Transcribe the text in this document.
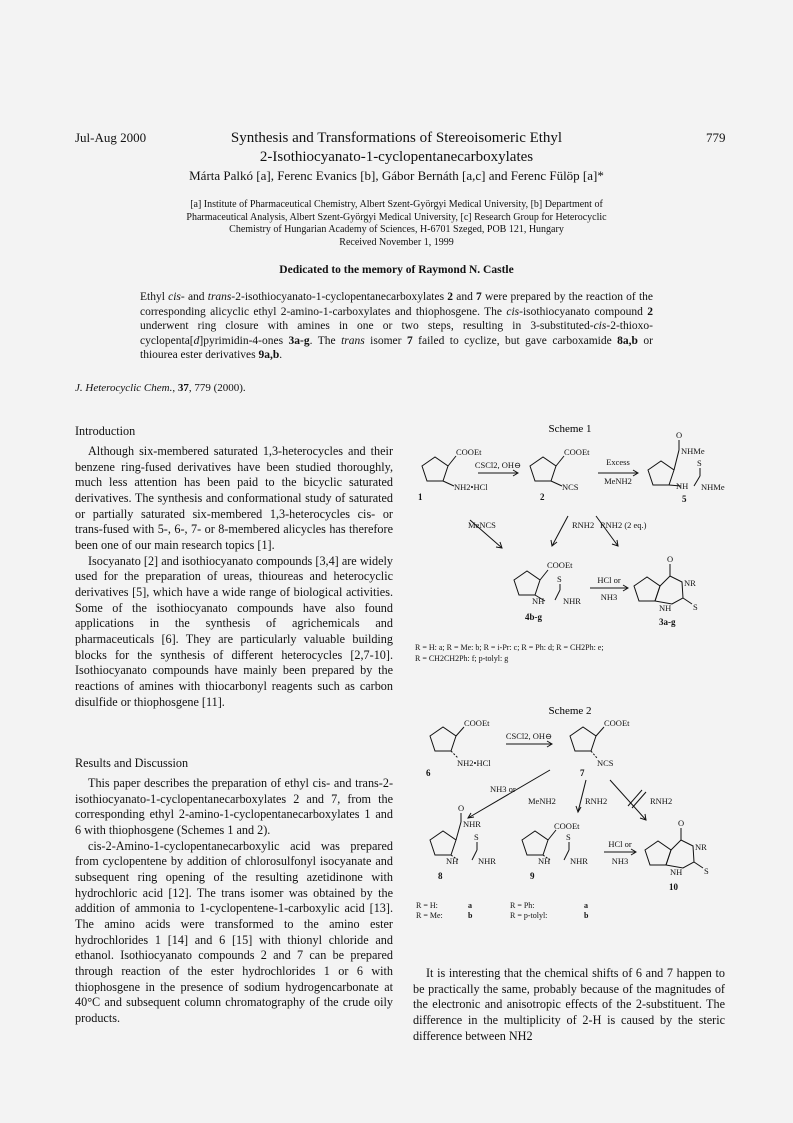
Jul-Aug 2000	779
Synthesis and Transformations of Stereoisomeric Ethyl
2-Isothiocyanato-1-cyclopentanecarboxylates
Márta Palkó [a], Ferenc Evanics [b], Gábor Bernáth [a,c] and Ferenc Fülöp [a]*
[a] Institute of Pharmaceutical Chemistry, Albert Szent-Györgyi Medical University, [b] Department of
Pharmaceutical Analysis, Albert Szent-Györgyi Medical University, [c] Research Group for Heterocyclic
Chemistry of Hungarian Academy of Sciences, H-6701 Szeged, POB 121, Hungary
Received November 1, 1999
Dedicated to the memory of Raymond N. Castle
Ethyl cis- and trans-2-isothiocyanato-1-cyclopentanecarboxylates 2 and 7 were prepared by the reaction of the corresponding alicyclic ethyl 2-amino-1-carboxylates and thiophosgene. The cis-isothiocyanato compound 2 underwent ring closure with amines in one or two steps, resulting in 3-substituted-cis-2-thioxo-cyclopenta[d]pyrimidin-4-ones 3a-g. The trans isomer 7 failed to cyclize, but gave carboxamide 8a,b or thiourea ester derivatives 9a,b.
J. Heterocyclic Chem., 37, 779 (2000).
Introduction

Although six-membered saturated 1,3-heterocycles and their benzene ring-fused derivatives have been studied thoroughly, much less attention has been paid to the bicyclic saturated derivatives. The synthesis and conformational study of saturated or partially saturated six-membered 1,3-heterocycles cis- or trans-fused with 5-, 6-, 7- or 8-membered alicycles has therefore been one of our main research topics [1].

Isocyanato [2] and isothiocyanato compounds [3,4] are widely used for the preparation of ureas, thioureas and heterocyclic derivatives [5], which have a wide range of biological activities. Some of the isothiocyanato compounds have also found applications in the synthesis of agrichemicals and pharmaceuticals [6]. They are particularly valuable building blocks for the synthesis of different heterocycles [2,7-10]. Isothiocyanato compounds have mainly been prepared by the reactions of amines with thiocarbonyl reagents such as carbon disulfide or thiophosgene [11].

Results and Discussion

This paper describes the preparation of ethyl cis- and trans-2-isothiocyanato-1-cyclopentanecarboxylates 2 and 7, from the corresponding ethyl 2-amino-1-cyclopentanecarboxylates 1 and 6 with thiophosgene (Schemes 1 and 2).

cis-2-Amino-1-cyclopentanecarboxylic acid was prepared from cyclopentene by addition of chlorosulfonyl isocyanate and subsequent ring opening of the resulting azetidinone with hydrochloric acid [12]. The trans isomer was obtained by the addition of ammonia to 1-cyclopentene-1-carboxylic acid [13]. The amino acids were transformed to the amino ester hydrochlorides 1 [14] and 6 [15] with thionyl chloride and ethanol. Isothiocyanato compounds 2 and 7 can be prepared through reaction of the ester hydrochlorides 1 or 6 with thiophosgene in the presence of sodium hydrogencarbonate at 40°C and subsequent column chromatography of the crude oily products.

It is interesting that the chemical shifts of 6 and 7 happen to be practically the same, probably because of the magnitudes of the electronic and anisotropic effects of the 2-substituent. The difference in the multiplicity of 2-H is caused by the steric difference between NH2

Scheme 1
COOEt
NH2•HCl
1
CSCl2, OH⊖
COOEt
NCS
2
Excess
MeNH2
O
NHMe
S
NH NHMe
5
MeNCS	RNH2 RNH2 (2 eq.)
COOEt
S
NH NHR
4b-g
HCl or
NH3
O
NR
NH	S
3a-g
R = H: a; R = Me: b; R = i-Pr: c; R = Ph: d; R = CH2Ph: e;
R = CH2CH2Ph: f; p-tolyl: g
Scheme 2
COOEt
NH2•HCl
6
CSCl2, OH⊖
COOEt
NCS
7
NH3 or
MeNH2	RNH2	RNH2
O
NHR
S
NH NHR
8
COOEt
S
NH NHR
9
HCl or
NH3
O
NR
NH	S
10
R = H:	a
R = Me:	b
R = Ph:	a
R = p-tolyl:	b
